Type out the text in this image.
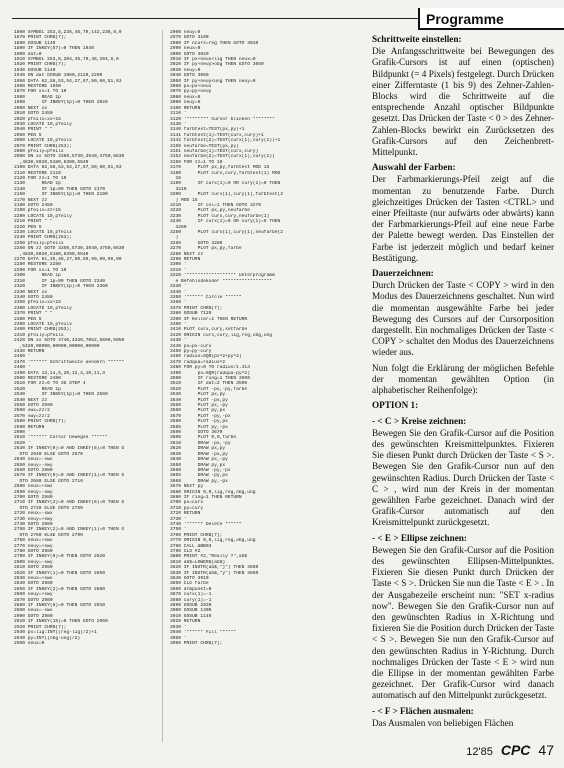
Programme
1860 SYMBOL 253,8,236,46,79,142,236,8,0
1870 PRINT CHR$(7);
1880 GOSUB 1140
1890 IF INKEY(57)=0 THEN 1940
1900 dat=0
1910 SYMBOL 253,8,204,46,79,46,204,8,0
1920 PRINT CHR$(7);
1930 GOSUB 1140
1940 ON dat GOSUB 1960,2120,2290
1950 DATA 62,58,53,54,27,67,50,60,51,63
1960 RESTORE 1950
1970 FOR xx=1 TO 10
1980      READ 1p
1990      IF INKEY(1p)=0 THEN 2020
2000 NEXT xx
2010 GOTO 2450
2020 pfeilx=xx+15
2030 LOCATE 19,pfeily
2040 PRINT " "
2050 PEN 5
2060 LOCATE 19,pfeilx
2070 PRINT CHR$(253);
2080 pfeily=pfeilx
2090 ON xx GOTO 3350,5730,3940,4750,6630
,4830,6020,5180,6390,5540
2100 DATA 62,58,53,54,27,67,50,60,51,63
2110 RESTORE 2110
2120 FOR zz=1 TO 10
2130      READ 1p
2140      IF 1p=99 THEN GOTO 2170
2150      IF INKEY(1p)=0 THEN 2190
2170 NEXT zz
2180 GOTO 2450
2190 pfeilx=zz+15
2200 LOCATE 19,pfeily
2210 PRINT " "
2220 PEN 5
2230 LOCATE 19,pfeilx
2240 PRINT CHR$(253);
2250 pfeily=pfeilx
2260 ON zz GOTO 3350,5730,3940,4750,6630
,4830,6020,5180,6390,5540
2270 DATA 61,35,46,27,50,59,99,99,99,99
2280 RESTORE 2280
2290 FOR xx=1 TO 10
2300      READ 1p
2310      IF 1p=99 THEN GOTO 2340
2320      IF INKEY(1p)=0 THEN 2360
2330 NEXT xx
2340 GOTO 2450
2350 pfeilx=xx+15
2360 LOCATE 19,pfeily
2370 PRINT " "
2380 PEN 5
2390 LOCATE 19,pfeilx
2400 PRINT CHR$(253);
2410 pfeily=pfeilx
2420 ON xx GOTO 4740,4330,7052,6690,5050
,5420,00000,00000,00000,00000
2430 RETURN
2460 '
2470 '****** Schrittweite aendern ******
2480 '
2490 DATA 13,14,5,20,12,4,10,11,3
2500 RESTORE 2490
2510 FOR zz=6 TO 36 STEP 4
2520      READ 1p
2530      IF INKEY(1p)=0 THEN 2560
2540 NEXT zz
2550 GOTO 2590
2560 swx=zz/2
2570 swy=zz/2
2580 PRINT CHR$(7);
2590 RETURN
2600 '
2610 '****** Cursor bewegen ******
2620 '
2630 IF INKEY(0)=0 AND INKEY(8)=0 THEN G
OTO 2640 ELSE GOTO 2670
2640 neux=-swx
2650 neuy=-swy
2660 GOTO 2980
2670 IF INKEY(0)=0 AND INKEY(1)=0 THEN G
OTO 2680 ELSE GOTO 2710
2680 neux=+swx
2690 neuy=-swy
2700 GOTO 2980
2710 IF INKEY(2)=0 AND INKEY(8)=0 THEN G
OTO 2720 ELSE GOTO 2750
2720 neux=-swx
2730 neuy=+swy
2740 GOTO 2980
2750 IF INKEY(2)=0 AND INKEY(1)=0 THEN G
OTO 2760 ELSE GOTO 2790
2760 neux=+swx
2770 neuy=+swy
2780 GOTO 2980
2790 IF INKEY(0)=0 THEN GOTO 2820
2800 neuy=-swy
2810 GOTO 2980
2820 IF INKEY(1)=0 THEN GOTO 2850
2830 neux=+swx
2840 GOTO 2980
2850 IF INKEY(2)=0 THEN GOTO 2880
2860 neuy=+swy
2870 GOTO 2980
2880 IF INKEY(8)=0 THEN GOTO 2910
2890 neux=-swx
2900 GOTO 2980
2910 IF INKEY(15)=0 THEN GOTO 2950
2920 PRINT CHR$(7);
2930 px=lig:INT((reg-lig)/2)+1
2940 py=INT((obg-ung)/2)
2950 neux=0
2960 neuy=0
2970 GOTO 3100
2980 IF ncurs=reg THEN GOTO 3010
2990 neux=0
3000 GOTO 3020
3010 IF px+neux<lig THEN neux=0
3020 IF py+neuy>obg THEN GOTO 3050
3030 neuy=0
3040 GOTO 3060
3050 IF py+neuy<ung THEN neuy=0
3060 px=px+neux
3070 py=py+neuy
3080 neux=0
3090 neuy=0
3100 RETURN
3110 '
3120 '******** Cursor blinken ********
3130 '
3140 farbtest=TEST(px,py)+1
3141 farbtest(1)=TEST(curx,cury)+1
3142 farbtest(2)=TEST(curx(1),cury(1))+1
3150 neufarbe=TEST(px,py)
3151 neufarbe(1)=TEST(curx,cury)
3152 neufarbe(2)=TEST(curx(1),cury(1))
3160 FOR zz=1 TO 10
3170      PLOT px,py,farbtest MOD 15
3180      PLOT curx,cury,farbtest(1) MOD
15
3190      IF curx(1)=0 OR cury(1)=0 THEN
3210
3200      PLOT curx(1),cury(1),farbtest(2
) MOD 15
3210      IF col=1 THEN GOTO 3270
3220      PLOT px,py,neufarbe
3230      PLOT curx,cury,neufarbe(1)
3240      IF curx(1)=0 OR cury(1)=0 THEN
3260
3250      PLOT curx(1),cury(1),neufarbe(2
)
3260      GOTO 3280
3270      PLOT px,py,farbe
3280 NEXT zz
3290 RETURN
3300 '
3310 '
3320 '****************** Unterprogramm
e Befehlsdekoder ******************
3330 '
3340 '
3350 '****** Circle ******
3360 '
3370 PRINT CHR$(7);
3380 GOSUB 7120
3390 IF Keller=1 THEN RETURN
3400 '
3410 PLOT curx,cury,setfarbe
3420 ORIGIN curx,cury,lig,reg,obg,ung
3430 '
3440 px=px-curx
3450 py=py-cury
3460 radius=SQR(px^2+py^2)
3470 radqua=radius^2
3480 FOR py=0 TO radius/1.414
3490      px=SQR(radqua-py^2)
3500      IF ring=1 THEN 3500
3510      IF dat=2 THEN 3590
3520      PLOT -px,-py,farbe
3530      PLOT px,py
3540      PLOT -px,py
3550      PLOT px,-py
3560      PLOT py,px
3570      PLOT -py,-px
3580      PLOT -py,px
3585      PLOT py,-px
3590      GOTO 3670
3600      PLOT 0,0,farbe
3610      DRAW -px,-py
3620      DRAW px,py
3630      DRAW -px,py
3640      DRAW px,-py
3650      DRAW py,px
3660      DRAW -py,-px
3665      DRAW -py,px
3668      DRAW py,-px
3670 NEXT py
3680 ORIGIN 0,0,lig,reg,obg,ung
3690 IF ring=1 THEN RETURN
3700 px=curx
3710 py=cury
3720 RETURN
3730 '
3740 '****** Delete ******
3750 '
3760 PRINT CHR$(7);
3770 ORIGIN 0,0,lig,reg,obg,ung
3780 CALL &BB03
3790 CLS #2
3800 PRINT #2,"Really ?",ab$
3810 ab$=LOWER$(ab$)
3820 IF INSTR(ab$,"j") THEN 3850
3830 IF INSTR(ab$,"y") THEN 3850
3840 GOTO 3910
3850 CLG farbe
3860 drmpunkt=0
3870 curx(1)=-1
3880 cury(1)=-1
3890 GOSUB 2930
3900 GOSUB 1300
3910 GOSUB 1140
3920 RETURN
3930 '
3940 '****** Fill ******
3950 '
3960 PRINT CHR$(7);
Schrittweite einstellen:

Die Anfangsschrittweite bei Bewegungen des Grafik-Cursors ist auf einen (optischen) Bildpunkt (= 4 Pixels) festgelegt. Durch Drücken einer Zifferntaste (1 bis 9) des Zehner-Zahlen-Blocks wird die Schrittweite auf die entsprechende Anzahl optischer Bildpunkte gesetzt. Das Drücken der Taste < 0 > des Zehner-Zahlen-Blocks bewirkt ein Zurücksetzen des Grafik-Cursors auf den Zeichenbrett-Mittelpunkt.

Auswahl der Farben:

Der Farbmarkierungs-Pfeil zeigt auf die momentan zu benutzende Farbe. Durch gleichzeitiges Drücken der Tasten <CTRL> und einer Pfeiltaste (nur aufwärts oder abwärts) kann der Farbmarkierungs-Pfeil auf eine neue Farbe der Palette bewegt werden. Das Einstellen der Farbe ist jederzeit möglich und bedarf keiner Bestätigung.

Dauerzeichnen:

Durch Drücken der Taste < COPY > wird in den Modus des Dauerzeichnens geschaltet. Nun wird die momentan ausgewählte Farbe bei jeder Bewegung des Cursors auf der Cursorposition dargestellt. Ein nochmaliges Drücken der Taste < COPY > schaltet den Modus des Dauerzeichnens wieder aus.

Nun folgt die Erklärung der möglichen Befehle der momentan gewählten Option (in alphabetischer Reihenfolge):

OPTION 1:
- < C > Kreise zeichnen:

Bewegen Sie den Grafik-Cursor auf die Position des gewünschten Kreismittelpunktes. Fixieren Sie diesen Punkt durch Drücken der Taste < S >. Bewegen Sie den Grafik-Cursor nun auf den gewünschten Radius. Durch Drücken der Taste < C > , wird nun der Kreis in der momentan gewählten Farbe gezeichnet. Danach wird der Grafik-Cursor automatisch auf den Kreismittelpunkt zurückgesetzt.

- < E > Ellipse zeichnen:

Bewegen Sie den Grafik-Cursor auf die Position des gewünschten Ellipsen-Mittelpunktes. Fixieren Sie diesen Punkt durch Drücken der Taste < S >. Drücken Sie nun die Taste < E > . In der Ausgabezeile erscheint nun: "SET x-radius now". Bewegen Sie den Grafik-Cursor nun auf den gewünschten Radius in X-Richtung und fixieren Sie die Position durch Drücken der Taste < S >. Bewegen Sie nun den Grafik-Cursor auf den gewünschten Radius in Y-Richtung. Durch nochmaliges Drücken der Taste < E > wird nun die Ellipse in der momentan gewählten Farbe gezeichnet. Der Grafik-Cursor wird danach automatisch auf den Mittelpunkt zurückgesetzt.

- < F > Flächen ausmalen:

Das Ausmalen von beliebigen Flächen

12'85 CPC 47
